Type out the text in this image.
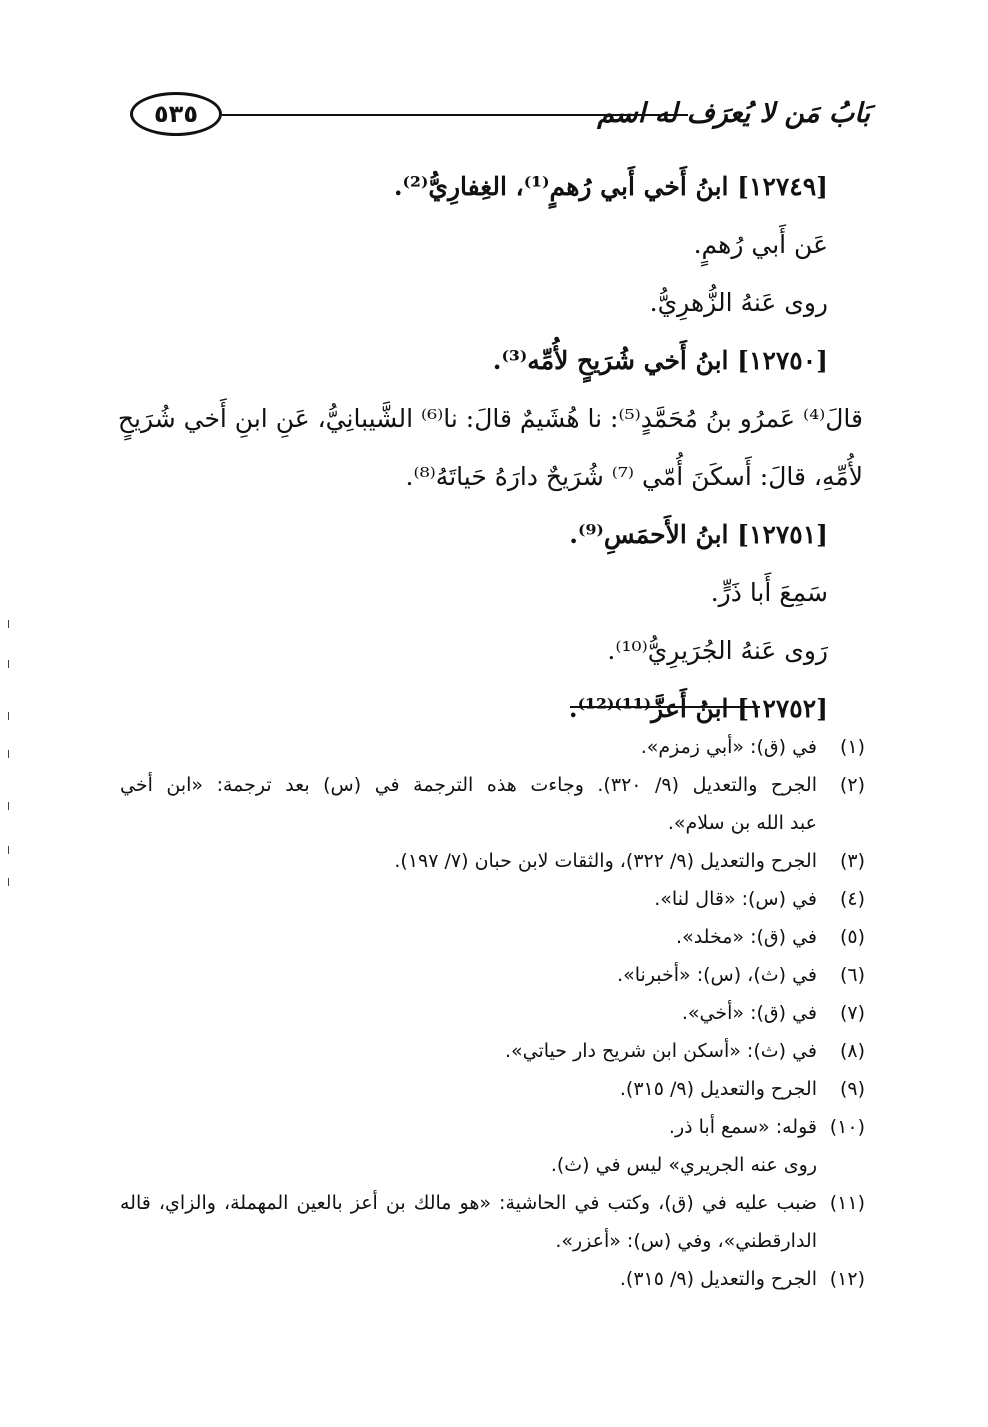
٥٣٥	بَابُ مَن لا يُعرَف له اسم
[١٢٧٤٩] ابنُ أَخي أَبي رُهمٍ⁽¹⁾، الغِفارِيُّ⁽²⁾.
عَن أَبي رُهمٍ.
روى عَنهُ الزُّهرِيُّ.
[١٢٧٥٠] ابنُ أَخي شُرَيحٍ لأُمِّه⁽³⁾.
قالَ⁽⁴⁾ عَمرُو بنُ مُحَمَّدٍ⁽⁵⁾: نا هُشَيمٌ قالَ: نا⁽⁶⁾ الشَّيبانِيُّ، عَنِ ابنِ أَخي شُرَيحٍ
لأُمِّهِ، قالَ: أَسكَنَ أُمّي ⁽⁷⁾ شُرَيحٌ دارَهُ حَياتَهُ⁽⁸⁾.
[١٢٧٥١] ابنُ الأَحمَسِ⁽⁹⁾.
سَمِعَ أَبا ذَرٍّ.
رَوى عَنهُ الجُرَيرِيُّ⁽¹⁰⁾.
[١٢٧٥٢] ابنُ أَعزَّ⁽¹¹⁾⁽¹²⁾.
(١)في (ق): «أبي زمزم».
(٢)الجرح والتعديل (٩/ ٣٢٠). وجاءت هذه الترجمة في (س) بعد ترجمة: «ابن أخي
عبد الله بن سلام».
(٣)الجرح والتعديل (٩/ ٣٢٢)، والثقات لابن حبان (٧/ ١٩٧).
(٤)في (س): «قال لنا».
(٥)في (ق): «مخلد».
(٦)في (ث)، (س): «أخبرنا».
(٧)في (ق): «أخي».
(٨)في (ث): «أسكن ابن شريح دار حياتي».
(٩)الجرح والتعديل (٩/ ٣١٥).
(١٠)قوله: «سمع أبا ذر.
روى عنه الجريري» ليس في (ث).
(١١)ضبب عليه في (ق)، وكتب في الحاشية: «هو مالك بن أعز بالعين المهملة، والزاي، قاله
الدارقطني»، وفي (س): «أعزر».
(١٢)الجرح والتعديل (٩/ ٣١٥).
